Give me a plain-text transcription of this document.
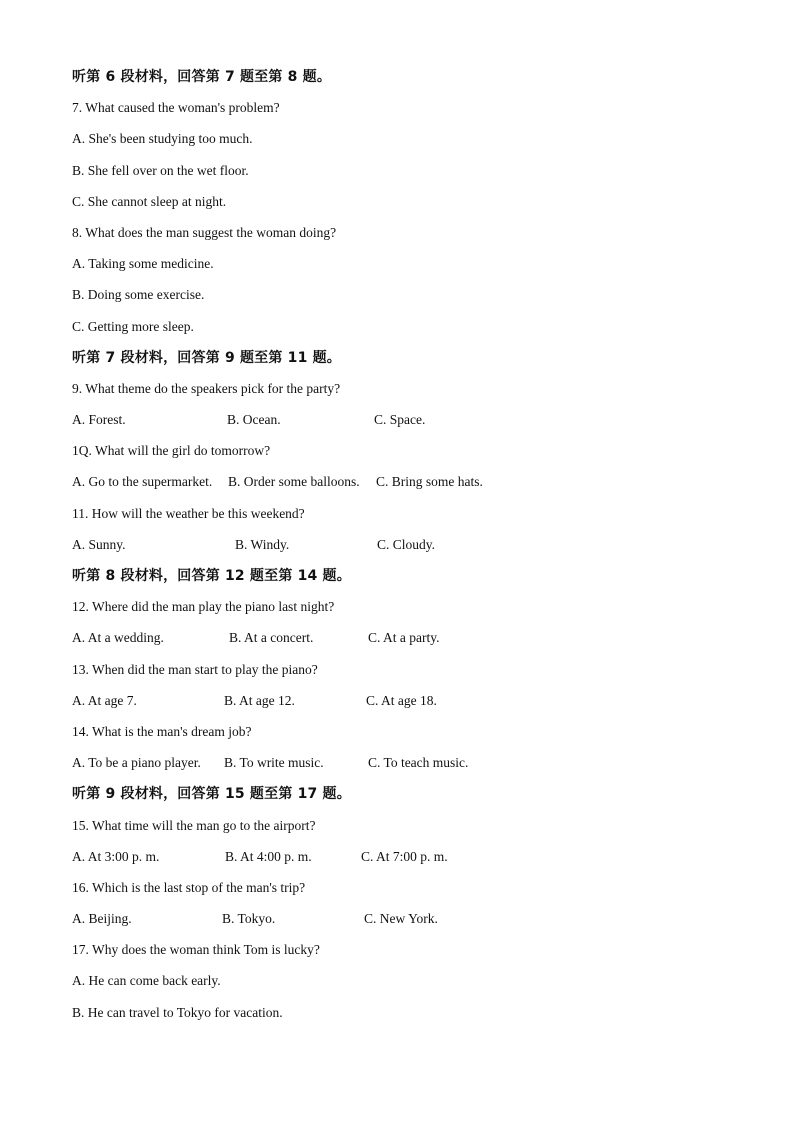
听第 6 段材料，回答第 7 题至第 8 题。
7. What caused the woman's problem?
A. She's been studying too much.
B. She fell over on the wet floor.
C. She cannot sleep at night.
8. What does the man suggest the woman doing?
A. Taking some medicine.
B. Doing some exercise.
C. Getting more sleep.
听第 7 段材料，回答第 9 题至第 11 题。
9. What theme do the speakers pick for the party?
A. Forest.	B. Ocean.	C. Space.
1Q. What will the girl do tomorrow?
A. Go to the supermarket. B. Order some balloons. C. Bring some hats.
11. How will the weather be this weekend?
A. Sunny.	B. Windy.	C. Cloudy.
听第 8 段材料，回答第 12 题至第 14 题。
12. Where did the man play the piano last night?
A. At a wedding.	B. At a concert.	C. At a party.
13. When did the man start to play the piano?
A. At age 7.	B. At age 12.	C. At age 18.
14. What is the man's dream job?
A. To be a piano player. B. To write music.	C. To teach music.
听第 9 段材料，回答第 15 题至第 17 题。
15. What time will the man go to the airport?
A. At 3:00 p. m.	B. At 4:00 p. m.	C. At 7:00 p. m.
16. Which is the last stop of the man's trip?
A. Beijing.	B. Tokyo.	C. New York.
17. Why does the woman think Tom is lucky?
A. He can come back early.
B. He can travel to Tokyo for vacation.
